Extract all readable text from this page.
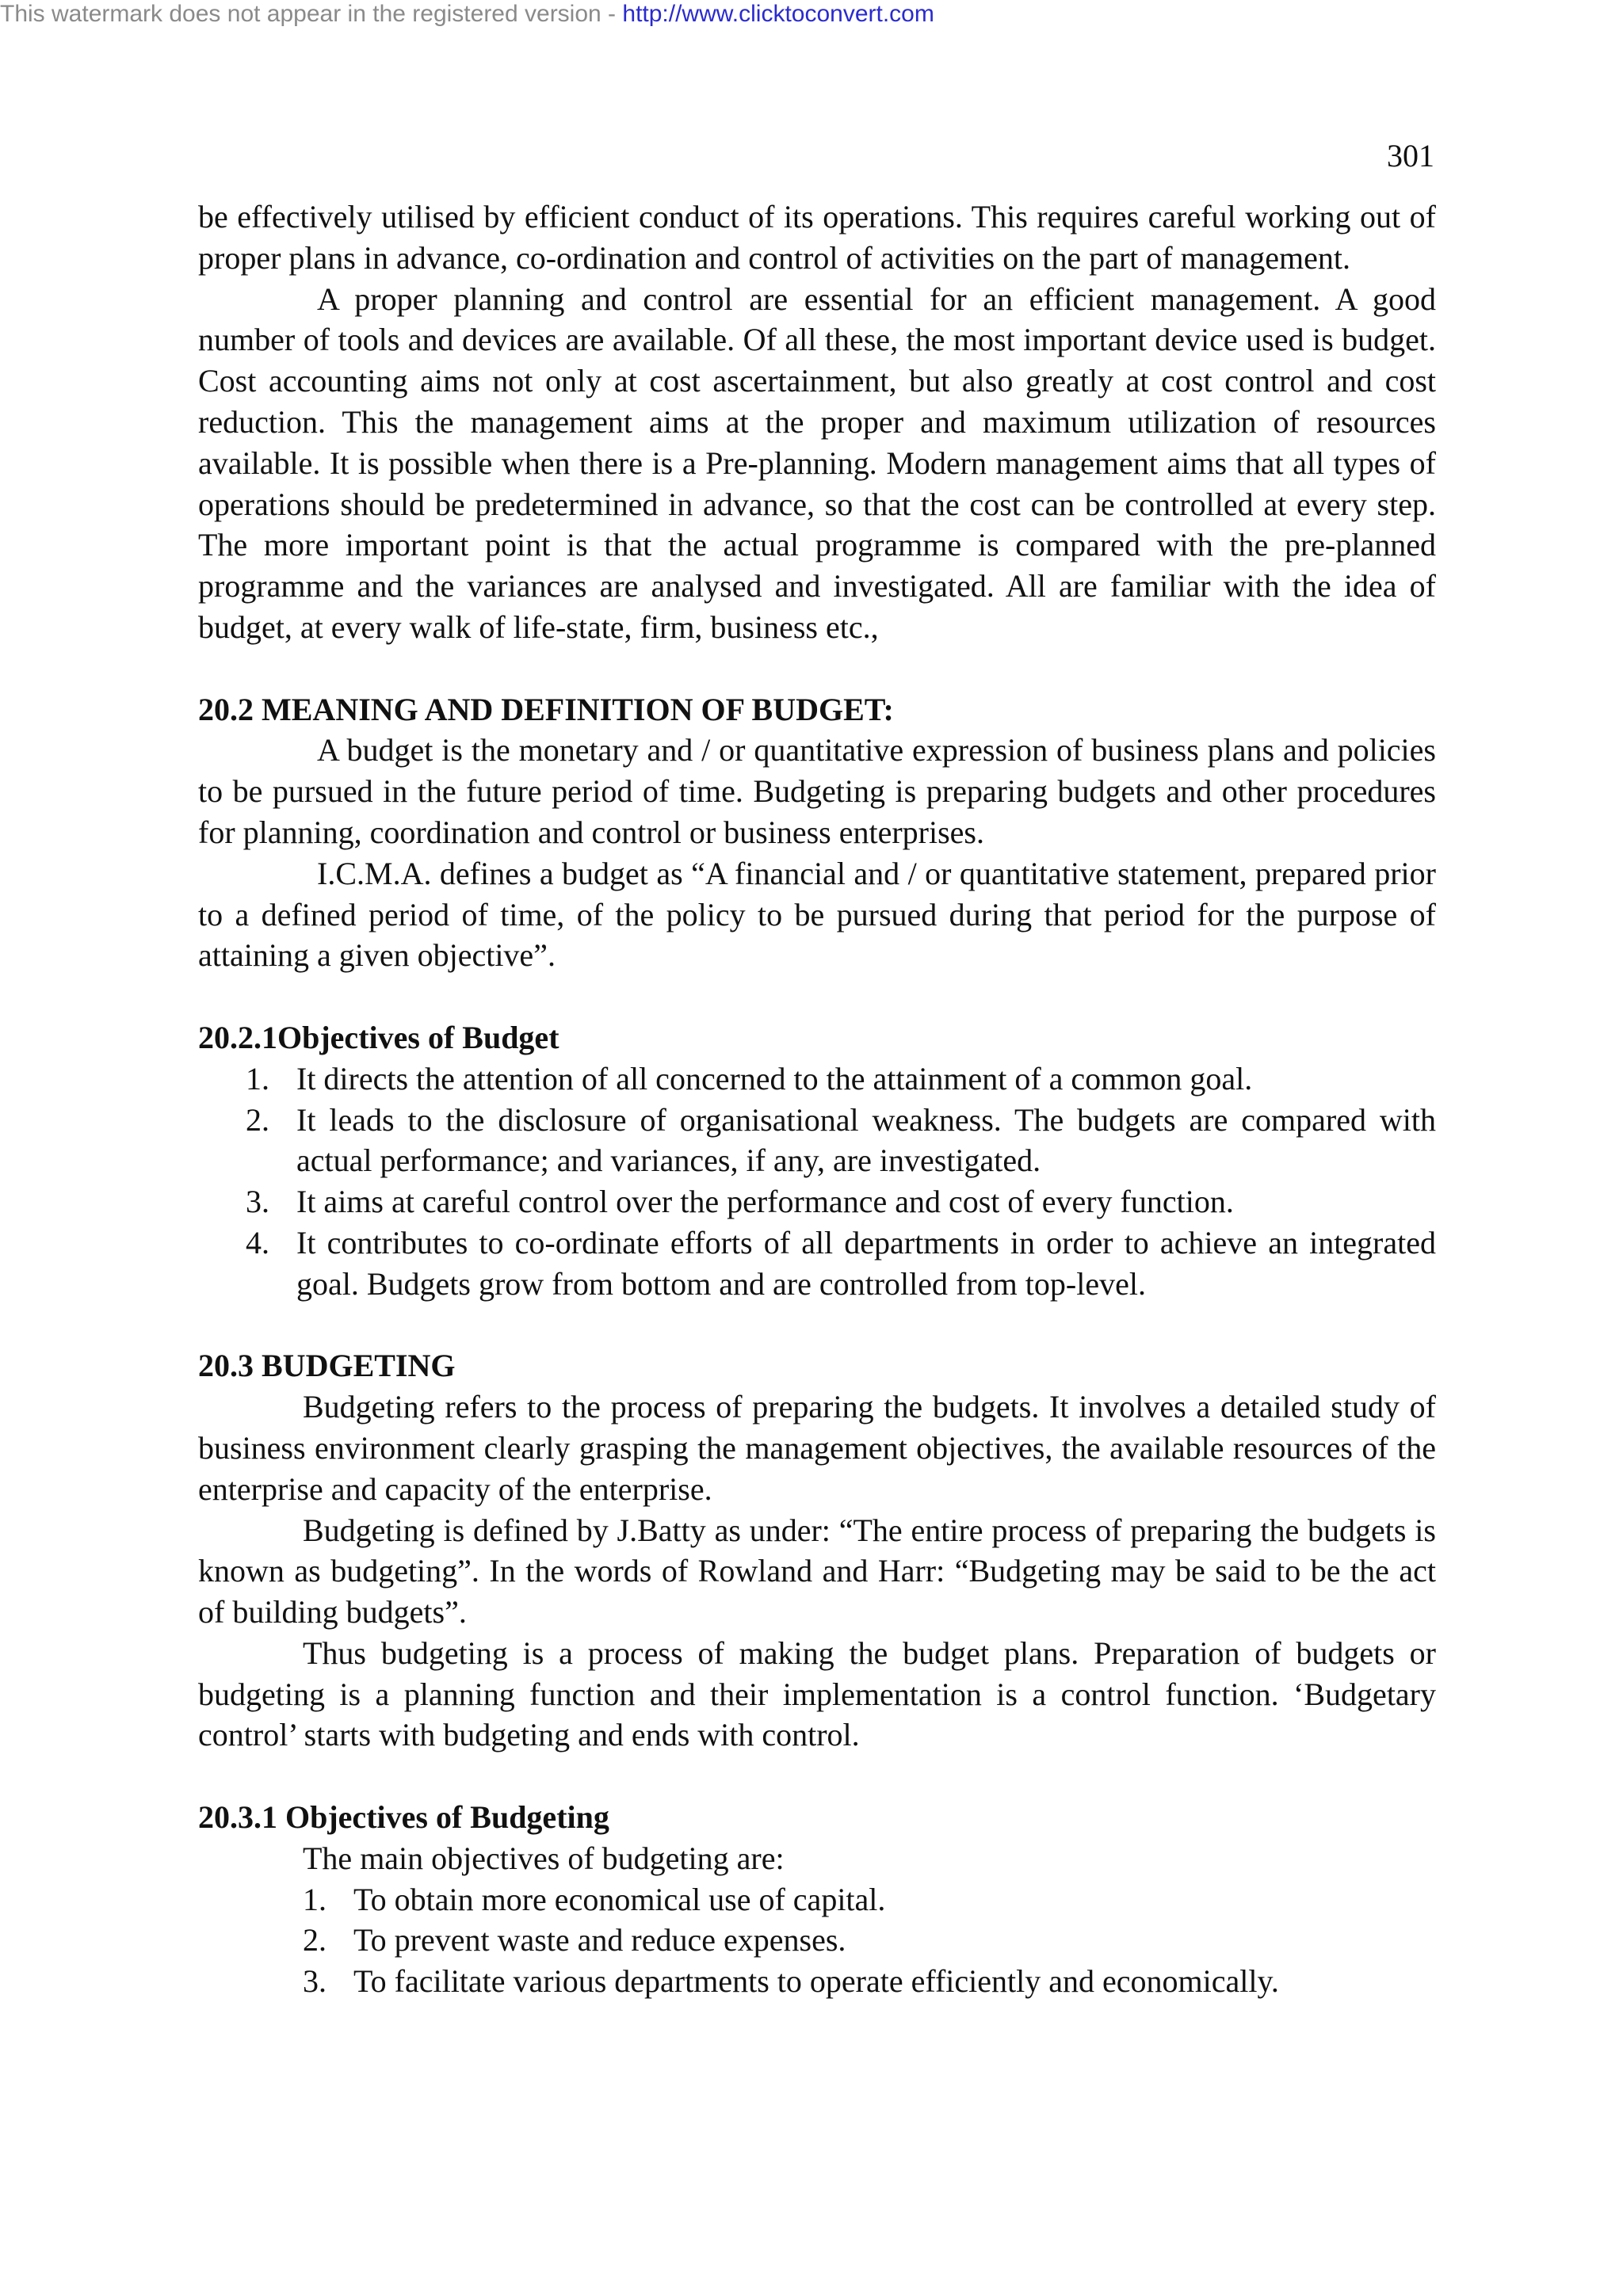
This watermark does not appear in the registered version - http://www.clicktoconvert.com
301

be effectively utilised by efficient conduct of its operations. This requires careful working out of proper plans in advance, co-ordination and control of activities on the part of management.

A proper planning and control are essential for an efficient management. A good number of tools and devices are available. Of all these, the most important device used is budget. Cost accounting aims not only at cost ascertainment, but also greatly at cost control and cost reduction. This the management aims at the proper and maximum utilization of resources available. It is possible when there is a Pre-planning. Modern management aims that all types of operations should be predetermined in advance, so that the cost can be controlled at every step. The more important point is that the actual programme is compared with the pre-planned programme and the variances are analysed and investigated. All are familiar with the idea of budget, at every walk of life-state, firm, business etc.,

20.2 MEANING AND DEFINITION OF BUDGET:

A budget is the monetary and / or quantitative expression of business plans and policies to be pursued in the future period of time. Budgeting is preparing budgets and other procedures for planning, coordination and control or business enterprises.

I.C.M.A. defines a budget as “A financial and / or quantitative statement, prepared prior to a defined period of time, of the policy to be pursued during that period for the purpose of attaining a given objective”.

20.2.1Objectives of Budget

1. It directs the attention of all concerned to the attainment of a common goal.
2. It leads to the disclosure of organisational weakness. The budgets are compared with actual performance; and variances, if any, are investigated.
3. It aims at careful control over the performance and cost of every function.
4. It contributes to co-ordinate efforts of all departments in order to achieve an integrated goal. Budgets grow from bottom and are controlled from top-level.

20.3 BUDGETING

Budgeting refers to the process of preparing the budgets. It involves a detailed study of business environment clearly grasping the management objectives, the available resources of the enterprise and capacity of the enterprise.

Budgeting is defined by J.Batty as under: “The entire process of preparing the budgets is known as budgeting”. In the words of Rowland and Harr: “Budgeting may be said to be the act of building budgets”.

Thus budgeting is a process of making the budget plans. Preparation of budgets or budgeting is a planning function and their implementation is a control function. ‘Budgetary control’ starts with budgeting and ends with control.

20.3.1 Objectives of Budgeting

The main objectives of budgeting are:

1. To obtain more economical use of capital.
2. To prevent waste and reduce expenses.
3. To facilitate various departments to operate efficiently and economically.
